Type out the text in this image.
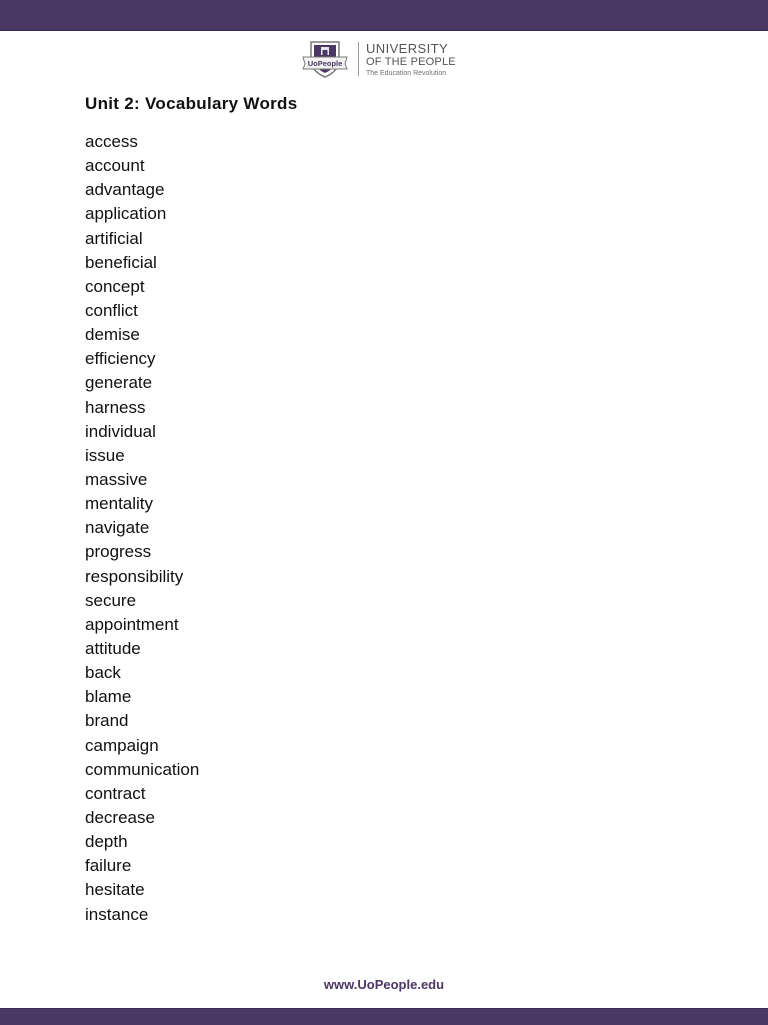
UoPeople
UNIVERSITY
OF THE PEOPLE
The Education Revolution
Unit 2: Vocabulary Words
access
account
advantage
application
artificial
beneficial
concept
conflict
demise
efficiency
generate
harness
individual
issue
massive
mentality
navigate
progress
responsibility
secure
appointment
attitude
back
blame
brand
campaign
communication
contract
decrease
depth
failure
hesitate
instance
www.UoPeople.edu
